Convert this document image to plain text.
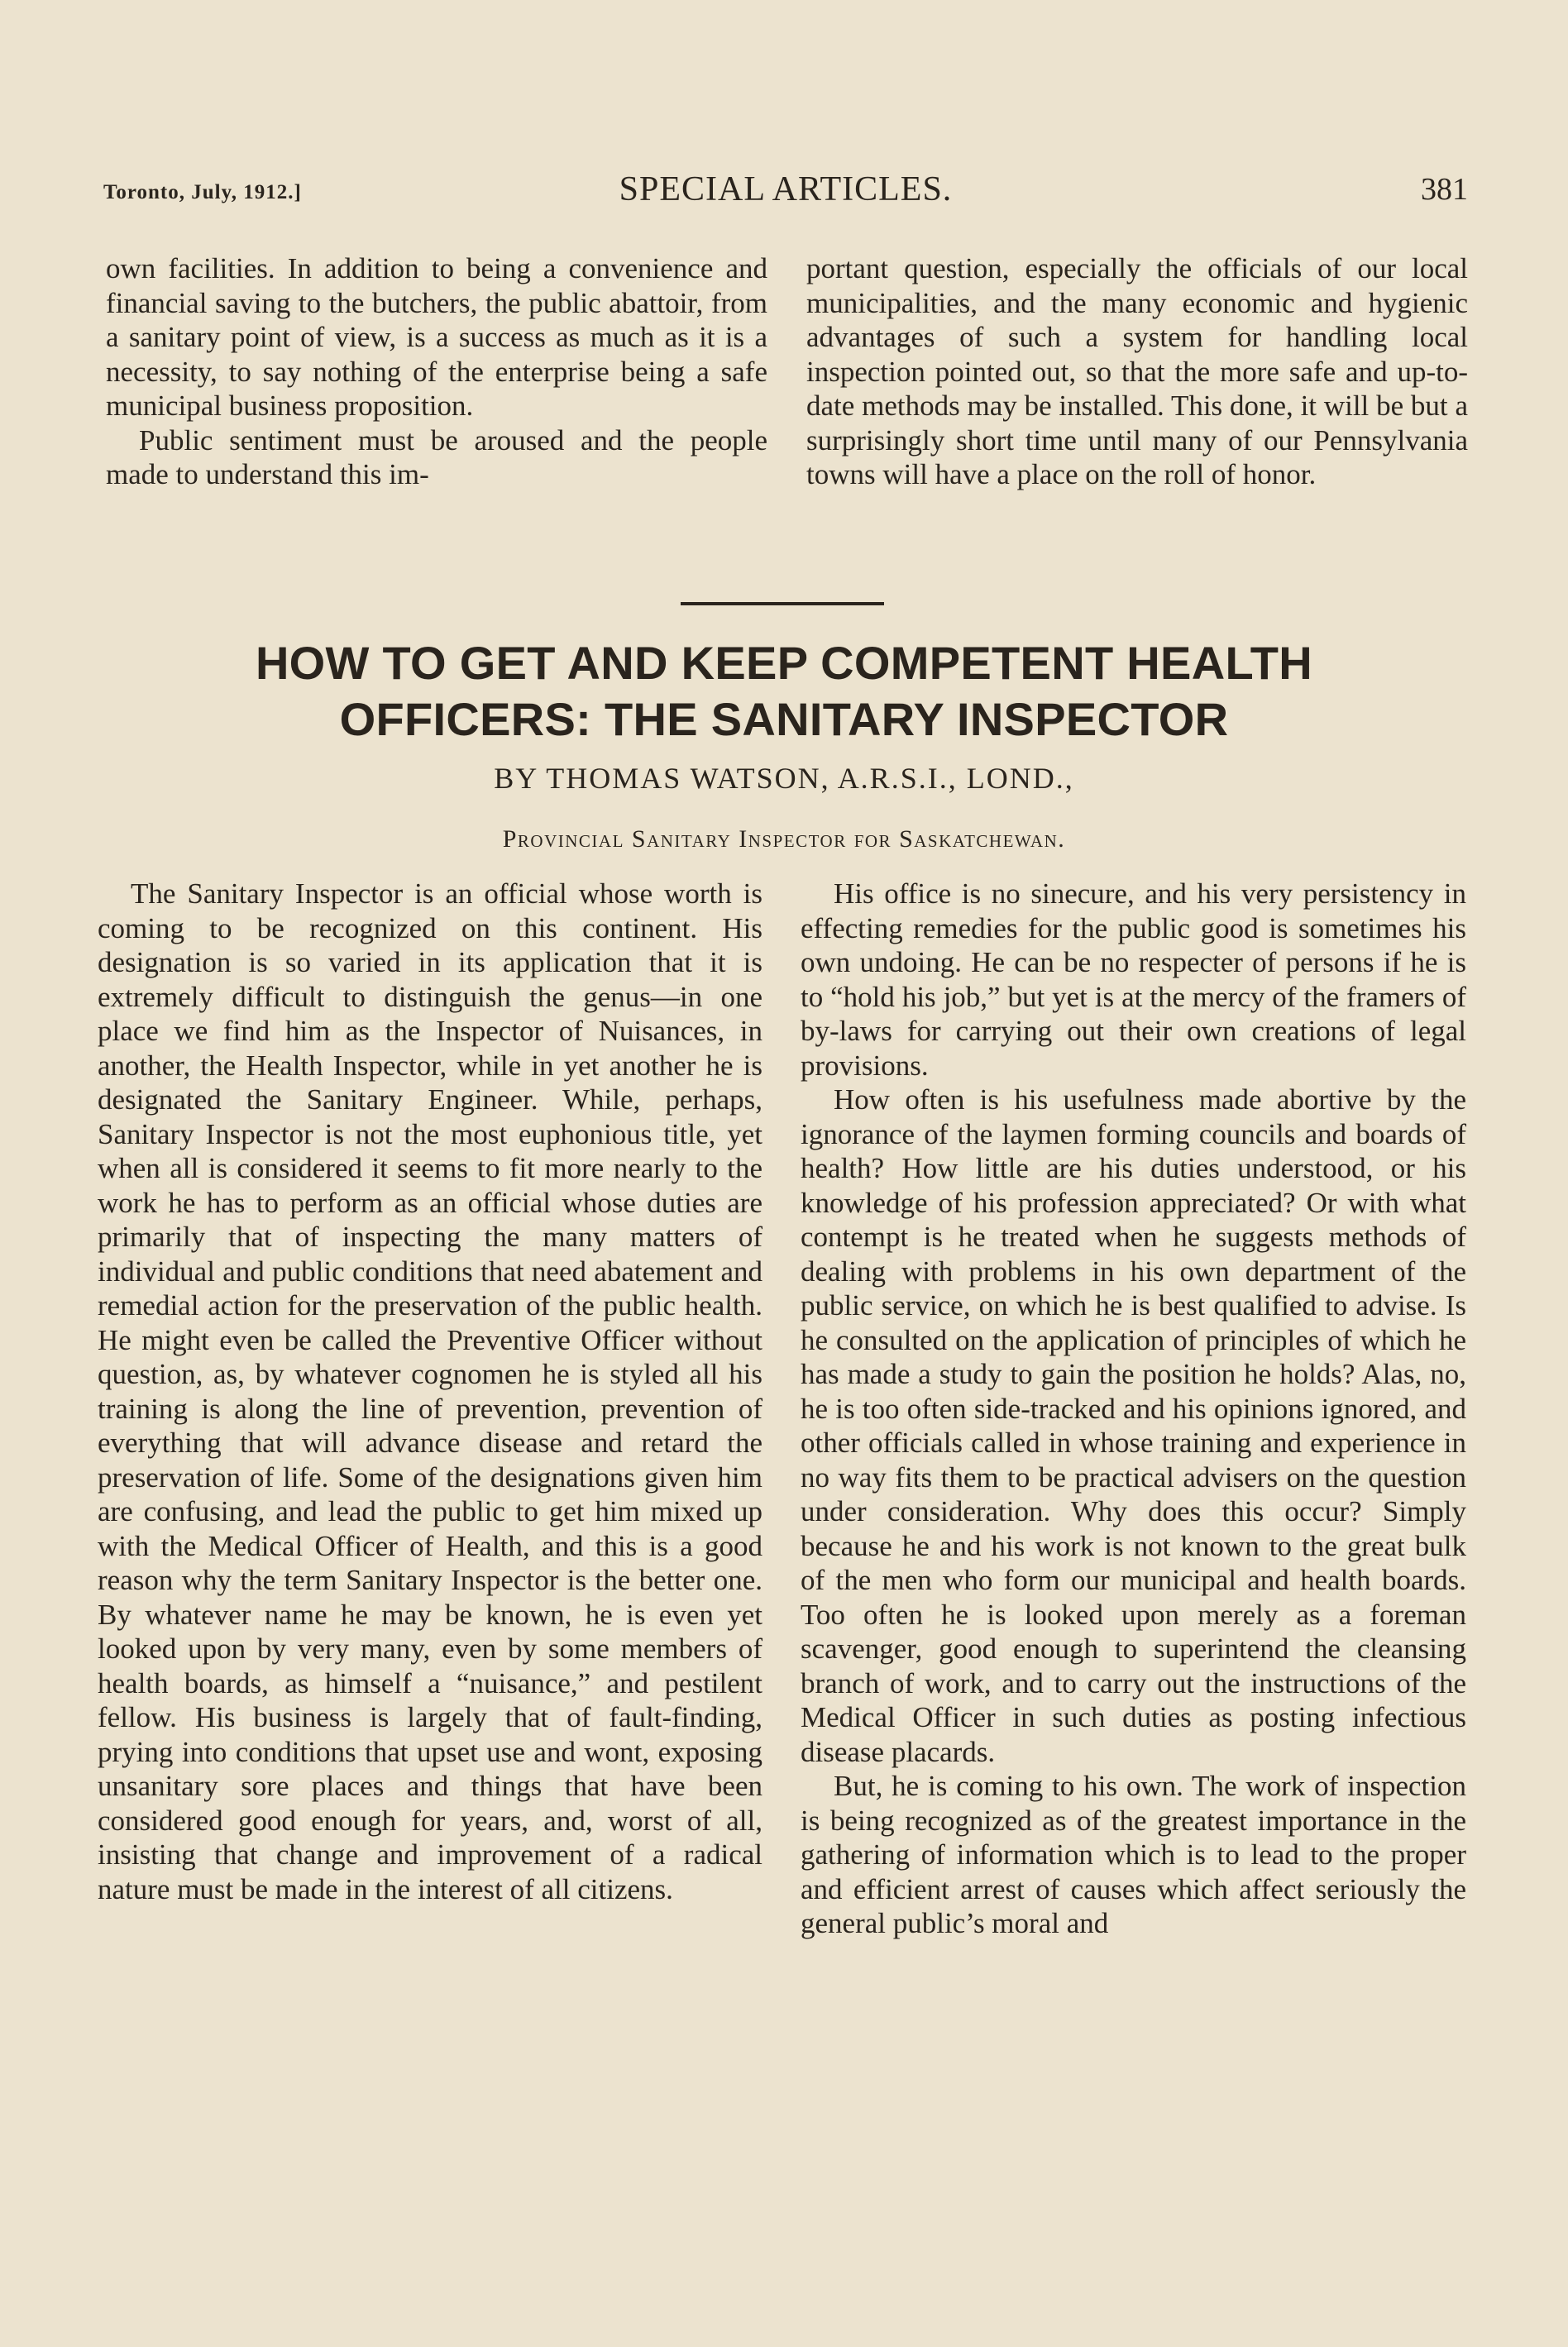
Toronto, July, 1912.]	SPECIAL ARTICLES.	381

own facilities. In addition to being a convenience and financial saving to the butchers, the public abattoir, from a sanitary point of view, is a success as much as it is a necessity, to say nothing of the enterprise being a safe municipal business proposition.

Public sentiment must be aroused and the people made to understand this im-

portant question, especially the officials of our local municipalities, and the many economic and hygienic advantages of such a system for handling local inspection pointed out, so that the more safe and up-to-date methods may be installed. This done, it will be but a surprisingly short time until many of our Pennsylvania towns will have a place on the roll of honor.

HOW TO GET AND KEEP COMPETENT HEALTH
OFFICERS: THE SANITARY INSPECTOR
BY THOMAS WATSON, A.R.S.I., LOND.,
Provincial Sanitary Inspector for Saskatchewan.

The Sanitary Inspector is an official whose worth is coming to be recognized on this continent. His designation is so varied in its application that it is extremely difficult to distinguish the genus—in one place we find him as the Inspector of Nuisances, in another, the Health Inspector, while in yet another he is designated the Sanitary Engineer. While, perhaps, Sanitary Inspector is not the most euphonious title, yet when all is considered it seems to fit more nearly to the work he has to perform as an official whose duties are primarily that of inspecting the many matters of individual and public conditions that need abatement and remedial action for the preservation of the public health. He might even be called the Preventive Officer without question, as, by whatever cognomen he is styled all his training is along the line of prevention, prevention of everything that will advance disease and retard the preservation of life. Some of the designations given him are confusing, and lead the public to get him mixed up with the Medical Officer of Health, and this is a good reason why the term Sanitary Inspector is the better one. By whatever name he may be known, he is even yet looked upon by very many, even by some members of health boards, as himself a “nuisance,” and pestilent fellow. His business is largely that of fault-finding, prying into conditions that upset use and wont, exposing unsanitary sore places and things that have been considered good enough for years, and, worst of all, insisting that change and improvement of a radical nature must be made in the interest of all citizens.

His office is no sinecure, and his very persistency in effecting remedies for the public good is sometimes his own undoing. He can be no respecter of persons if he is to “hold his job,” but yet is at the mercy of the framers of by-laws for carrying out their own creations of legal provisions.

How often is his usefulness made abortive by the ignorance of the laymen forming councils and boards of health? How little are his duties understood, or his knowledge of his profession appreciated? Or with what contempt is he treated when he suggests methods of dealing with problems in his own department of the public service, on which he is best qualified to advise. Is he consulted on the application of principles of which he has made a study to gain the position he holds? Alas, no, he is too often side-tracked and his opinions ignored, and other officials called in whose training and experience in no way fits them to be practical advisers on the question under consideration. Why does this occur? Simply because he and his work is not known to the great bulk of the men who form our municipal and health boards. Too often he is looked upon merely as a foreman scavenger, good enough to superintend the cleansing branch of work, and to carry out the instructions of the Medical Officer in such duties as posting infectious disease placards.

But, he is coming to his own. The work of inspection is being recognized as of the greatest importance in the gathering of information which is to lead to the proper and efficient arrest of causes which affect seriously the general public’s moral and
